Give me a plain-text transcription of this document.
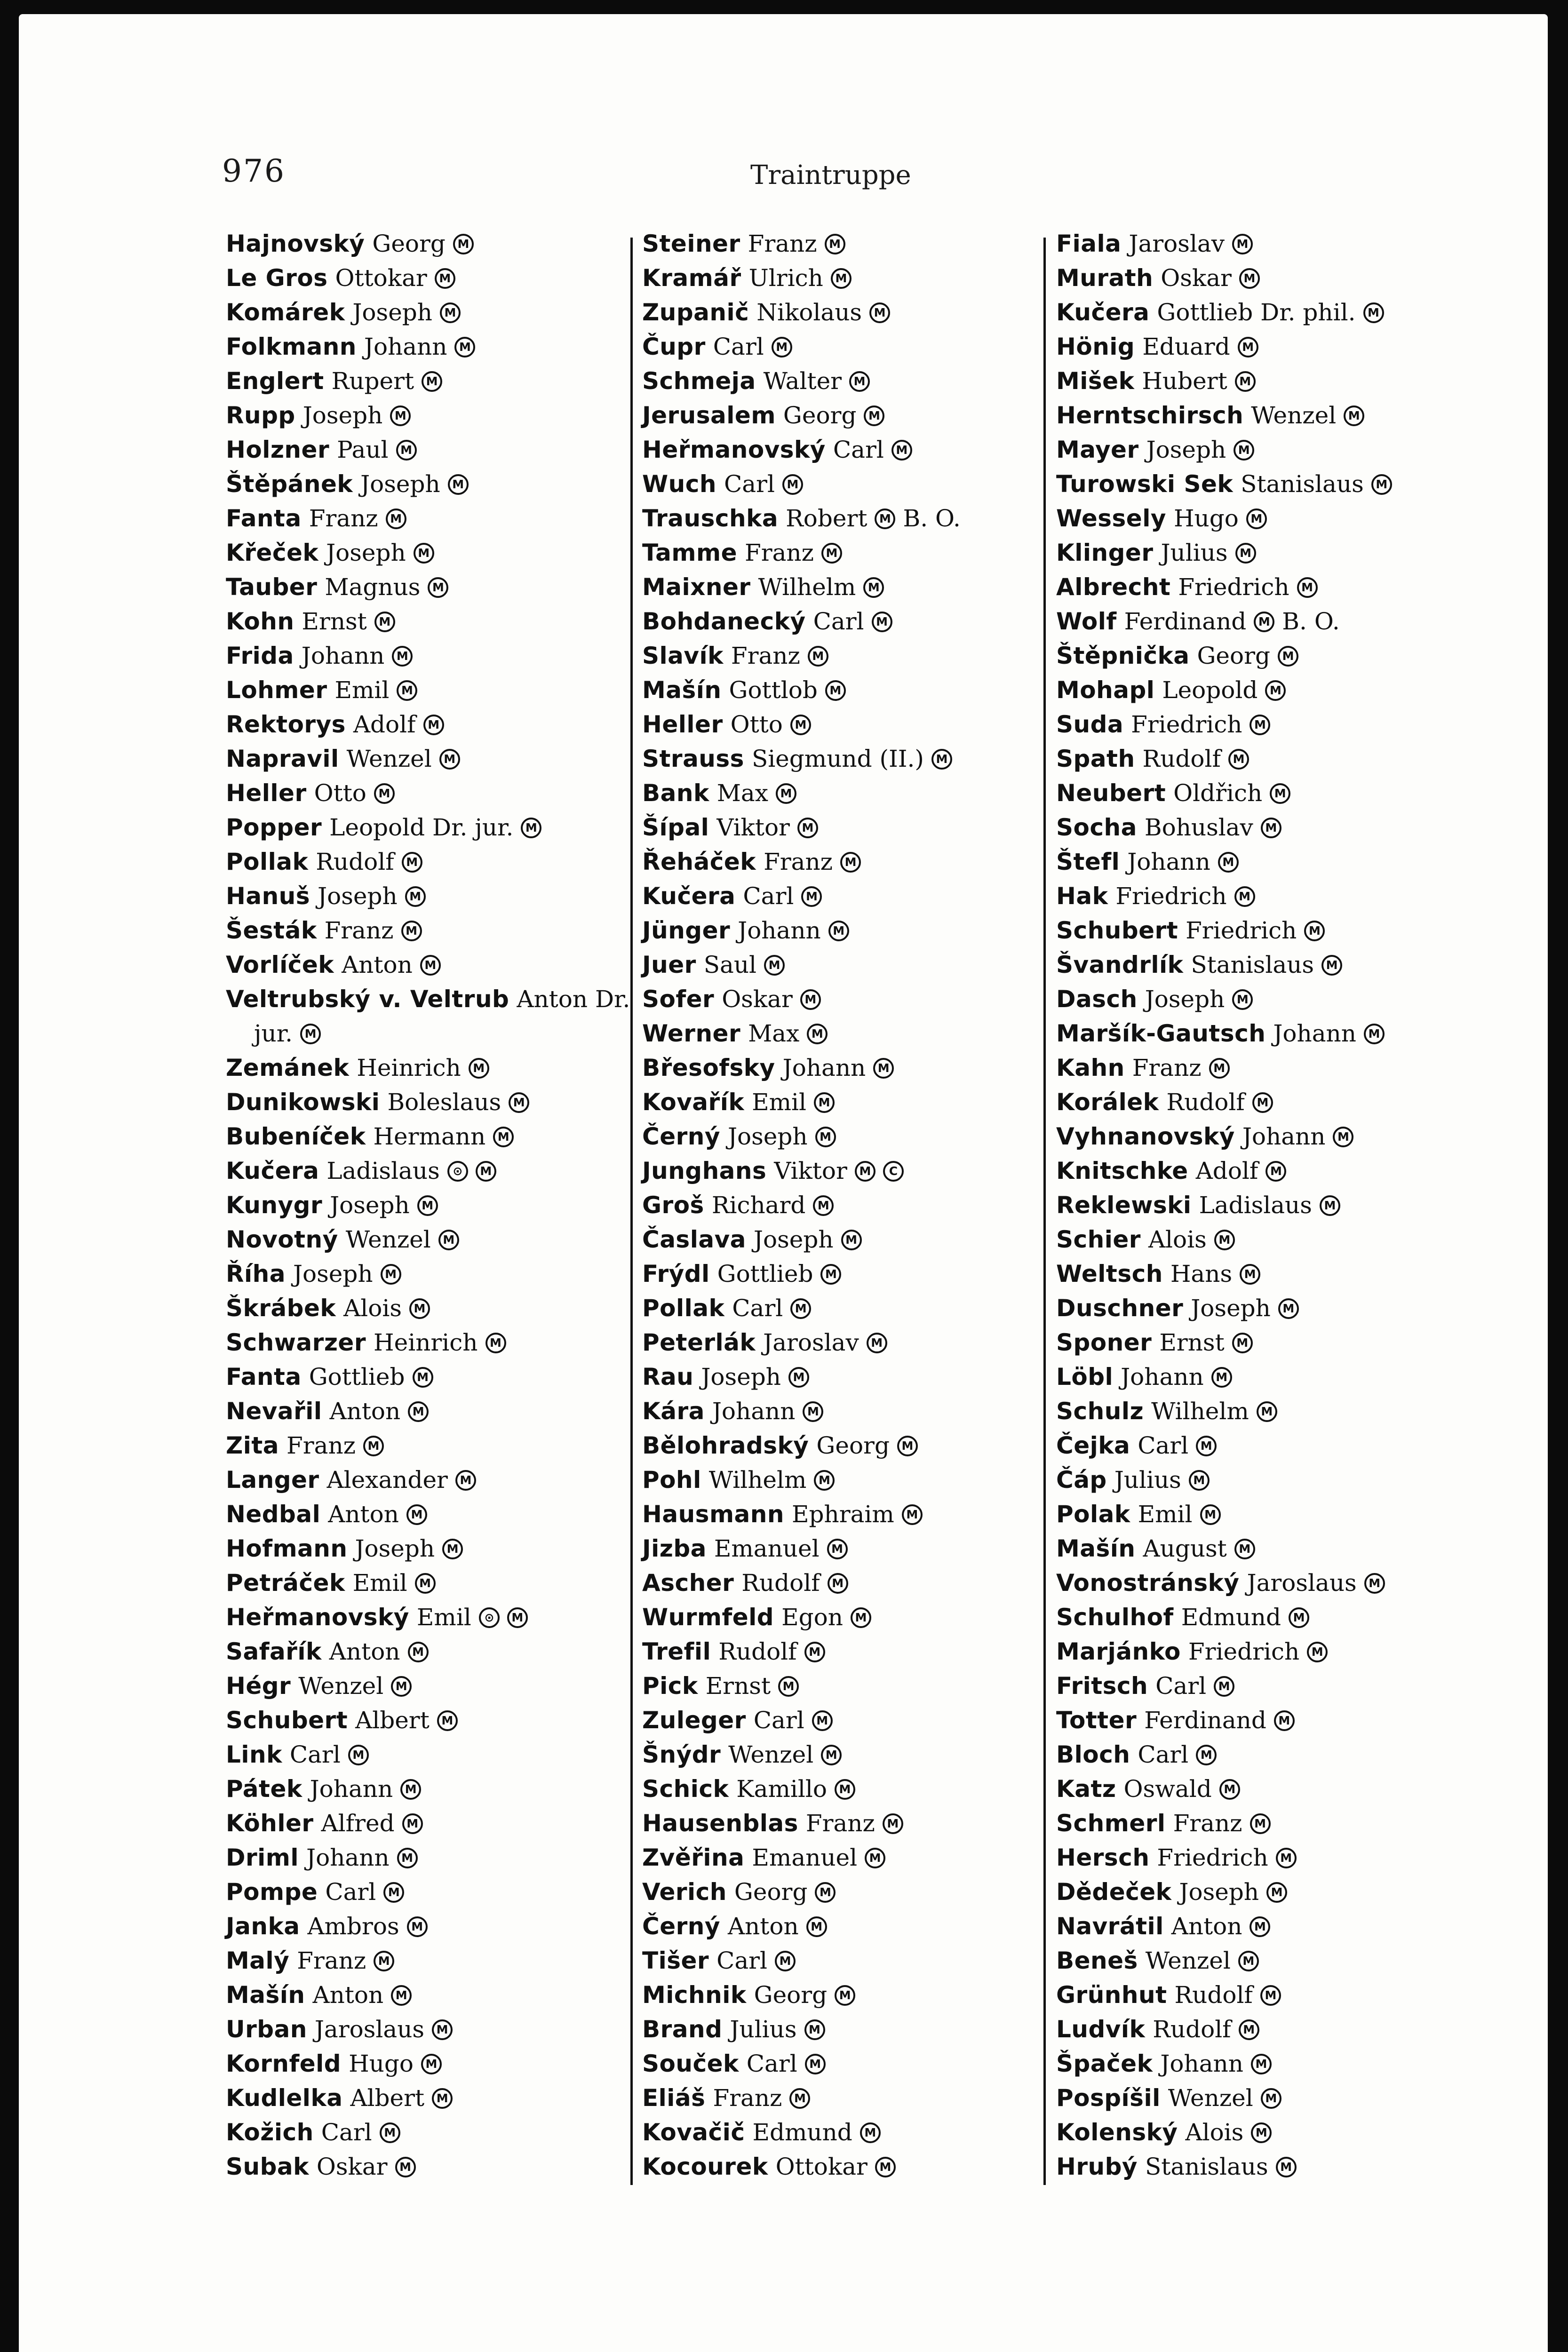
976	Traintruppe
Hajnovský Georg	M
Le Gros Ottokar	M
Komárek Joseph	M
Folkmann Johann	M
Englert Rupert	M
Rupp Joseph	M
Holzner Paul	M
Štěpánek Joseph	M
Fanta Franz	M
Křeček Joseph	M
Tauber Magnus	M
Kohn Ernst	M
Frida Johann	M
Lohmer Emil	M
Rektorys Adolf	M
Napravil Wenzel	M
Heller Otto	M
Popper Leopold Dr. jur.	M
Pollak Rudolf	M
Hanuš Joseph	M
Šesták Franz	M
Vorlíček Anton	M
Veltrubský v. Veltrub Anton Dr.
jur.	M
Zemánek Heinrich	M
Dunikowski Boleslaus	M
Bubeníček Hermann	M
Kučera Ladislaus	⊙	M
Kunygr Joseph	M
Novotný Wenzel	M
Říha Joseph	M
Škrábek Alois	M
Schwarzer Heinrich	M
Fanta Gottlieb	M
Nevařil Anton	M
Zita Franz	M
Langer Alexander	M
Nedbal Anton	M
Hofmann Joseph	M
Petráček Emil	M
Heřmanovský Emil	⊙	M
Safařík Anton	M
Hégr Wenzel	M
Schubert Albert	M
Link Carl	M
Pátek Johann	M
Köhler Alfred	M
Driml Johann	M
Pompe Carl	M
Janka Ambros	M
Malý Franz	M
Mašín Anton	M
Urban Jaroslaus	M
Kornfeld Hugo	M
Kudlelka Albert	M
Kožich Carl	M
Subak Oskar	M
Steiner Franz	M
Kramář Ulrich	M
Zupanič Nikolaus	M
Čupr Carl	M
Schmeja Walter	M
Jerusalem Georg	M
Heřmanovský Carl	M
Wuch Carl	M
Trauschka Robert	M B. O.
Tamme Franz	M
Maixner Wilhelm	M
Bohdanecký Carl	M
Slavík Franz	M
Mašín Gottlob	M
Heller Otto	M
Strauss Siegmund (II.)	M
Bank Max	M
Šípal Viktor	M
Řeháček Franz	M
Kučera Carl	M
Jünger Johann	M
Juer Saul	M
Sofer Oskar	M
Werner Max	M
Břesofsky Johann	M
Kovařík Emil	M
Černý Joseph	M
Junghans Viktor	M	C
Groš Richard	M
Časlava Joseph	M
Frýdl Gottlieb	M
Pollak Carl	M
Peterlák Jaroslav	M
Rau Joseph	M
Kára Johann	M
Bělohradský Georg	M
Pohl Wilhelm	M
Hausmann Ephraim	M
Jizba Emanuel	M
Ascher Rudolf	M
Wurmfeld Egon	M
Trefil Rudolf	M
Pick Ernst	M
Zuleger Carl	M
Šnýdr Wenzel	M
Schick Kamillo	M
Hausenblas Franz	M
Zvěřina Emanuel	M
Verich Georg	M
Černý Anton	M
Tišer Carl	M
Michnik Georg	M
Brand Julius	M
Souček Carl	M
Eliáš Franz	M
Kovačič Edmund	M
Kocourek Ottokar	M
Fiala Jaroslav	M
Murath Oskar	M
Kučera Gottlieb Dr. phil.	M
Hönig Eduard	M
Mišek Hubert	M
Herntschirsch Wenzel	M
Mayer Joseph	M
Turowski Sek Stanislaus	M
Wessely Hugo	M
Klinger Julius	M
Albrecht Friedrich	M
Wolf Ferdinand	M B. O.
Štěpnička Georg	M
Mohapl Leopold	M
Suda Friedrich	M
Spath Rudolf	M
Neubert Oldřich	M
Socha Bohuslav	M
Štefl Johann	M
Hak Friedrich	M
Schubert Friedrich	M
Švandrlík Stanislaus	M
Dasch Joseph	M
Maršík-Gautsch Johann	M
Kahn Franz	M
Korálek Rudolf	M
Vyhnanovský Johann	M
Knitschke Adolf	M
Reklewski Ladislaus	M
Schier Alois	M
Weltsch Hans	M
Duschner Joseph	M
Sponer Ernst	M
Löbl Johann	M
Schulz Wilhelm	M
Čejka Carl	M
Čáp Julius	M
Polak Emil	M
Mašín August	M
Vonostránský Jaroslaus	M
Schulhof Edmund	M
Marjánko Friedrich	M
Fritsch Carl	M
Totter Ferdinand	M
Bloch Carl	M
Katz Oswald	M
Schmerl Franz	M
Hersch Friedrich	M
Dědeček Joseph	M
Navrátil Anton	M
Beneš Wenzel	M
Grünhut Rudolf	M
Ludvík Rudolf	M
Špaček Johann	M
Pospíšil Wenzel	M
Kolenský Alois	M
Hrubý Stanislaus	M
